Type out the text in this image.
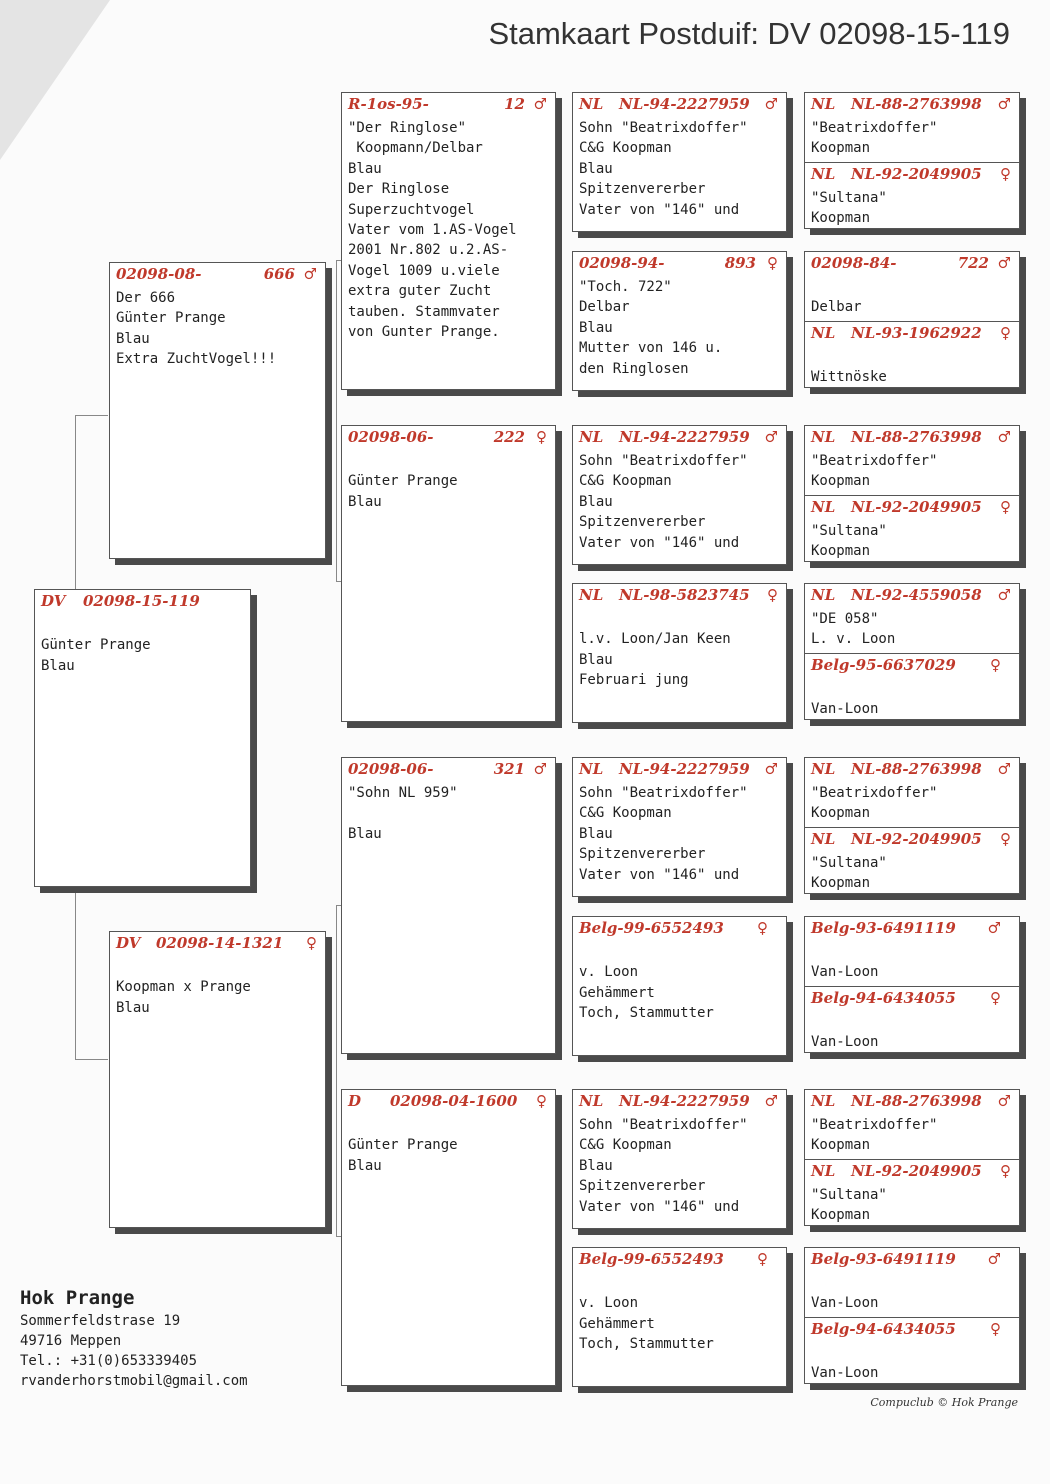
Stamkaart Postduif: DV 02098-15-119
DV 02098-15-119

Günter Prange
Blau
02098-08-	666 ♂
Der 666
Günter Prange
Blau
Extra ZuchtVogel!!!
DV 02098-14-1321 ♀

Koopman x Prange
Blau
R-1os-95-	12 ♂
"Der Ringlose"
Koopmann/Delbar
Blau
Der Ringlose
Superzuchtvogel
Vater vom 1.AS-Vogel
2001 Nr.802 u.2.AS-
Vogel 1009 u.viele
extra guter Zucht
tauben. Stammvater
von Gunter Prange.
02098-06-	222 ♀

Günter Prange
Blau
02098-06-	321 ♂
"Sohn NL 959"

Blau
D 02098-04-1600 ♀

Günter Prange
Blau
NL NL-94-2227959 ♂
Sohn "Beatrixdoffer"
C&G Koopman
Blau
Spitzenvererber
Vater von "146" und
02098-94-	893 ♀
"Toch. 722"
Delbar
Blau
Mutter von 146 u.
den Ringlosen
NL NL-94-2227959 ♂
Sohn "Beatrixdoffer"
C&G Koopman
Blau
Spitzenvererber
Vater von "146" und
NL NL-98-5823745 ♀

l.v. Loon/Jan Keen
Blau
Februari jung
NL NL-94-2227959 ♂
Sohn "Beatrixdoffer"
C&G Koopman
Blau
Spitzenvererber
Vater von "146" und
Belg-99-6552493 ♀

v. Loon
Gehämmert
Toch, Stammutter
NL NL-94-2227959 ♂
Sohn "Beatrixdoffer"
C&G Koopman
Blau
Spitzenvererber
Vater von "146" und
Belg-99-6552493 ♀

v. Loon
Gehämmert
Toch, Stammutter
NL NL-88-2763998 ♂
"Beatrixdoffer"
Koopman
NL NL-92-2049905 ♀
"Sultana"
Koopman
02098-84-	722 ♂

Delbar
NL NL-93-1962922 ♀

Wittnöske
NL NL-88-2763998 ♂
"Beatrixdoffer"
Koopman
NL NL-92-2049905 ♀
"Sultana"
Koopman
NL NL-92-4559058 ♂
"DE 058"
L. v. Loon
Belg-95-6637029 ♀

Van-Loon
NL NL-88-2763998 ♂
"Beatrixdoffer"
Koopman
NL NL-92-2049905 ♀
"Sultana"
Koopman
Belg-93-6491119 ♂

Van-Loon
Belg-94-6434055 ♀

Van-Loon
NL NL-88-2763998 ♂
"Beatrixdoffer"
Koopman
NL NL-92-2049905 ♀
"Sultana"
Koopman
Belg-93-6491119 ♂

Van-Loon
Belg-94-6434055 ♀

Van-Loon
Hok Prange
Sommerfeldstrase 19
49716 Meppen
Tel.: +31(0)653339405
rvanderhorstmobil@gmail.com
Compuclub © Hok Prange
